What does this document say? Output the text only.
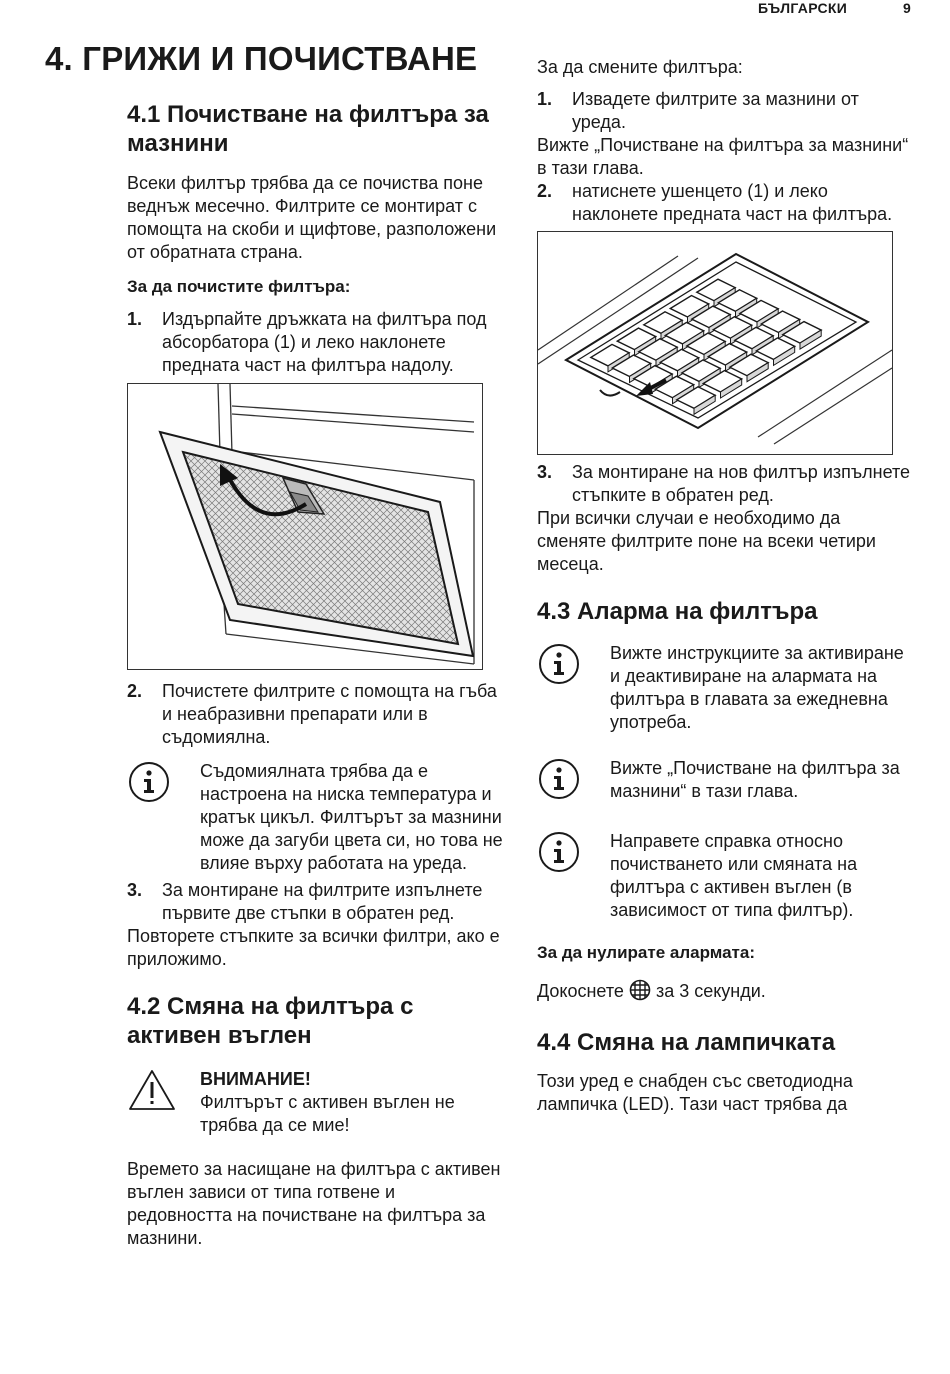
БЪЛГАРСКИ	9
4. ГРИЖИ И ПОЧИСТВАНЕ
4.1 Почистване на филтъра за мазнини

Всеки филтър трябва да се почиства поне веднъж месечно. Филтрите се монтират с помощта на скоби и щифтове, разположени от обратната страна.

За да почистите филтъра:

1.	Издърпайте дръжката на филтъра под абсорбатора (1) и леко наклонете предната част на филтъра надолу.
2.	Почистете филтрите с помощта на гъба и неабразивни препарати или в съдомиялна.
Съдомиялната трябва да е настроена на ниска температура и кратък цикъл. Филтърът за мазнини може да загуби цвета си, но това не влияе върху работата на уреда.
3.	За монтиране на филтрите изпълнете първите две стъпки в обратен ред.

Повторете стъпките за всички филтри, ако е приложимо.

4.2 Смяна на филтъра с активен въглен
ВНИМАНИЕ!
Филтърът с активен въглен не трябва да се мие!

Времето за насищане на филтъра с активен въглен зависи от типа готвене и редовността на почистване на филтъра за мазнини.

За да смените филтъра:

1.	Извадете филтрите за мазнини от уреда.

Вижте „Почистване на филтъра за мазнини“ в тази глава.

2.	натиснете ушенцето (1) и леко наклонете предната част на филтъра.
3.	За монтиране на нов филтър изпълнете стъпките в обратен ред.

При всички случаи е необходимо да сменяте филтрите поне на всеки четири месеца.

4.3 Аларма на филтъра
Вижте инструкциите за активиране и деактивиране на алармата на филтъра в главата за ежедневна употреба.
Вижте „Почистване на филтъра за мазнини“ в тази глава.
Направете справка относно почистването или смяната на филтъра с активен въглен (в зависимост от типа филтър).

За да нулирате алармата:

Докоснете за 3 секунди.

4.4 Смяна на лампичката

Този уред е снабден със светодиодна лампичка (LED). Тази част трябва да
